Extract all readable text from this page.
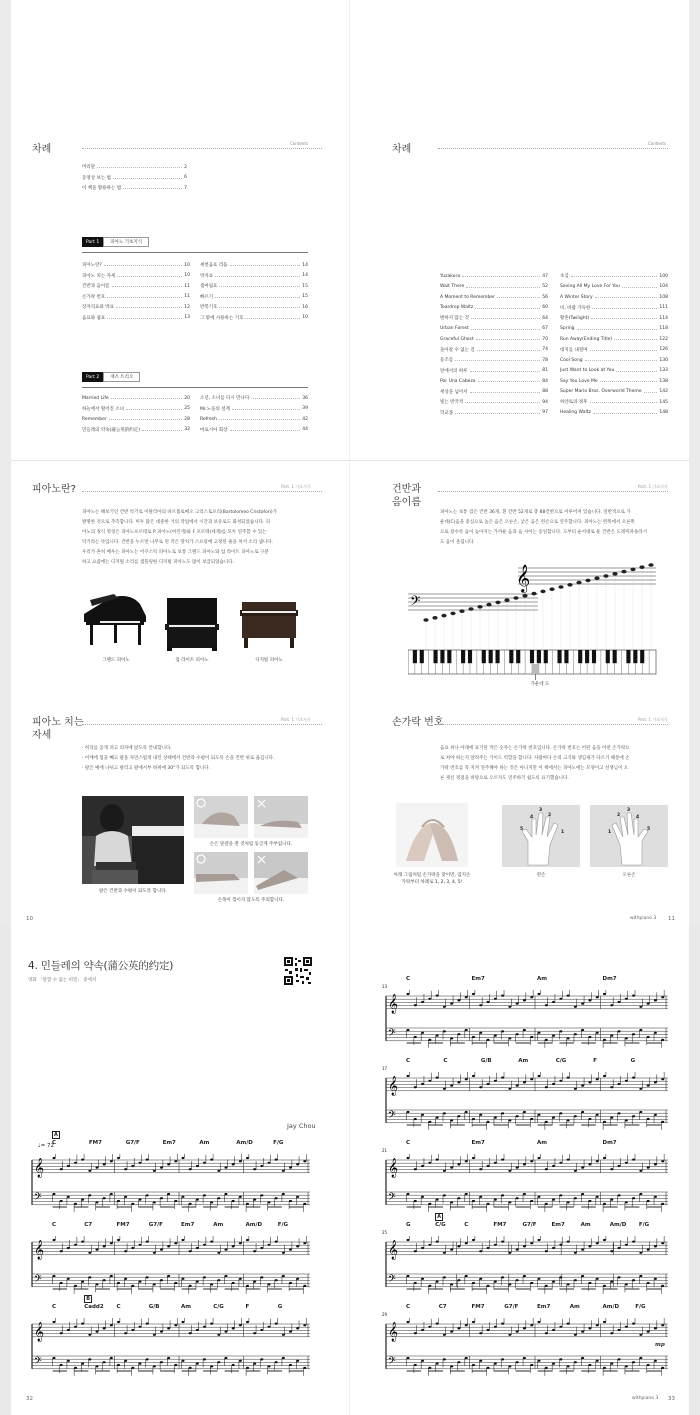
차례
Contents
머리말	2
동영상 보는 법	6
이 책을 활용하는 법	7
Part 1	피아노 기초지식
피아노란?	10
피아노 치는 자세	10
건반과 음이름	11
손가락 번호	11
장자리표와 박표	12
음표와 쉼표	13
세번음표 리듬	14
박자표	14
셈여림표	15
빠르기	15
반복기호	16
그 밖에 사용하는 기호	10
Part 2	재즈 트리오
Married Life	20
하늘에서 떨어진 소녀	25
Remember	28
민들레의 약속(蒲公英的约定)	32
소년, 소녀를 다시 만나다	36
Mr.노을의 설계	39
Refresh	42
마로시아 회상	44
차례
Contents
Yuzakura	47
Wait There	52
A Moment to Remember	56
Teardrop Waltz	60
변하지 않는 것	64
Urban Forest	67
Graceful Ghost	70
돌아갈 수 없는 길	74
등조름	78
달에서의 하루	81
Por Una Cabeza	84
세상을 넘어서	88
빛는 반국적	94
학교종	97
초심	100
Saving All My Love For You	104
A Winter Story	108
비, 바람 가득한	111
황혼(Twilight)	114
Spring	118
Run Away(Ending Title)	122
대지를 내걸며	126
Cool Song	130
Just Want to Look at You	133
Say You Love Me	138
Super Mario Bros. Overworld Theme	142
하얀토의 정후	145
Healing Waltz	148
피아노란?	Part. 1 기초지식
피아노는 해보기인 건반 악기로 이탈리아의 바르톨로메오 크리스토포리(Bartolomeo Cristofori)가
발명한 것으로 추측합니다. 미두 많은 대중한 거의 작업에서 시간과 보유로도 화성되었습니다. 피
아노의 정식 명칭은 피아노포르테로 P 피아노(여린게)와 F 포르테(세게)를 모두 연주할 수 있는
악기라는 뜻입니다. 건반을 누르면 나무로 된 작은 망치가 스프링에 고정된 줄을 쳐서 소리 냅니다.
우리가 흔히 배우는 피아노는 어쿠스틱 피아노로 보통 그랜드 피아노와 업 라이트 피아노로 구분
하고 요즘에는 디지털 소리를 샘플링한 디지털 피아노도 많이 보급되었습니다.
그랜드 피아노	업 라이트 피아노	디지털 피아노
피아노 치는
자세
Part. 1 기초지식
· 허리를 곧게 펴고 의자에 앉도록 안내합니다.
· 어깨에 힘을 빼고 팔을 자연스럽게 내린 상태에서 건반과 수평이 되도록 손을 건반 위로 옮깁니다.
· 팔은 예에 나뉘고 팔리고 팔에서부 바위에 30°가 되도록 합니다.
손은 달걀을 쥔 것처럼 둥글게 주부립니다.
팔은 건반과 수평이 되도록 합니다.
손목이 꺾이지 않도록 주의합니다.
10
건반과
음이름
Part. 1 기초지식
피아노는 보통 검은 건반 36개, 흰 건반 52개로 총 88건반으로 이루어져 있습니다. 일반적으로 가
운데(C)음을 중심으로 높은 음은 오른손, 낮은 음은 왼손으로 연주합니다. 피아노는 왼쪽에서 오른쪽
으로 갈수록 음이 높아지는 가까운 음과 음 사이는 동일합니다. 도부터 순서대로 둔 건반은 도레미파솔라시
도 음이 올립니다.
𝄞
𝄢
가운데 도
손가락 번호	Part. 1 기초지식
음표 위나 아래에 표기된 작은 숫자는 손가락 번호입니다. 손가락 번호는 어떤 음을 어떤 손가락으
로 쳐야 하는지 알려주는 가이드 역할을 합니다. 사람마다 손의 크기와 생김새가 다르기 때문에 손
가락 번호를 꼭 지켜 연주해야 하는 것은 아니지만 이 책에서는 피아노에는 모양이고 선생님이 오
른 제신 정점을 바탕으로 오르자도 연주하기 쉽도록 표기했습니다.
5
4
3
2
1	1
2
3
4
5
아래 그림처럼 손가락을 맞이면, 엄지손가락부터 차례로 1, 2, 3, 4, 5!
왼손	오른손
withpiano 3 11
4. 민들레의 약속(蒲公英的约定)
영화 「말할 수 없는 비밀」 중에서
Jay Chou
♩= 72
32	withpiano 3 33
𝄞
𝄢
C	FM7	G7/F	Em7	Am	Am/D	F/G
A
𝄞
𝄢
C	C7	FM7	G7/F	Em7	Am	Am/D	F/G
𝄞
𝄢
C	Cadd2 C	G/B	Am	C/G	F	G
B
𝄞
𝄢
13
C	Em7	Am	Dm7
𝄞
𝄢
17
C	C	G/B	Am	C/G	F	G
𝄞
𝄢
21
C	Em7	Am	Dm7
𝄞
𝄢
25
G	C/G	C	FM7	G7/F	Em7	Am	Am/D F/G
A
𝄞
𝄢
29
C	C7	FM7	G7/F	Em7	Am	Am/D	F/G
mp
